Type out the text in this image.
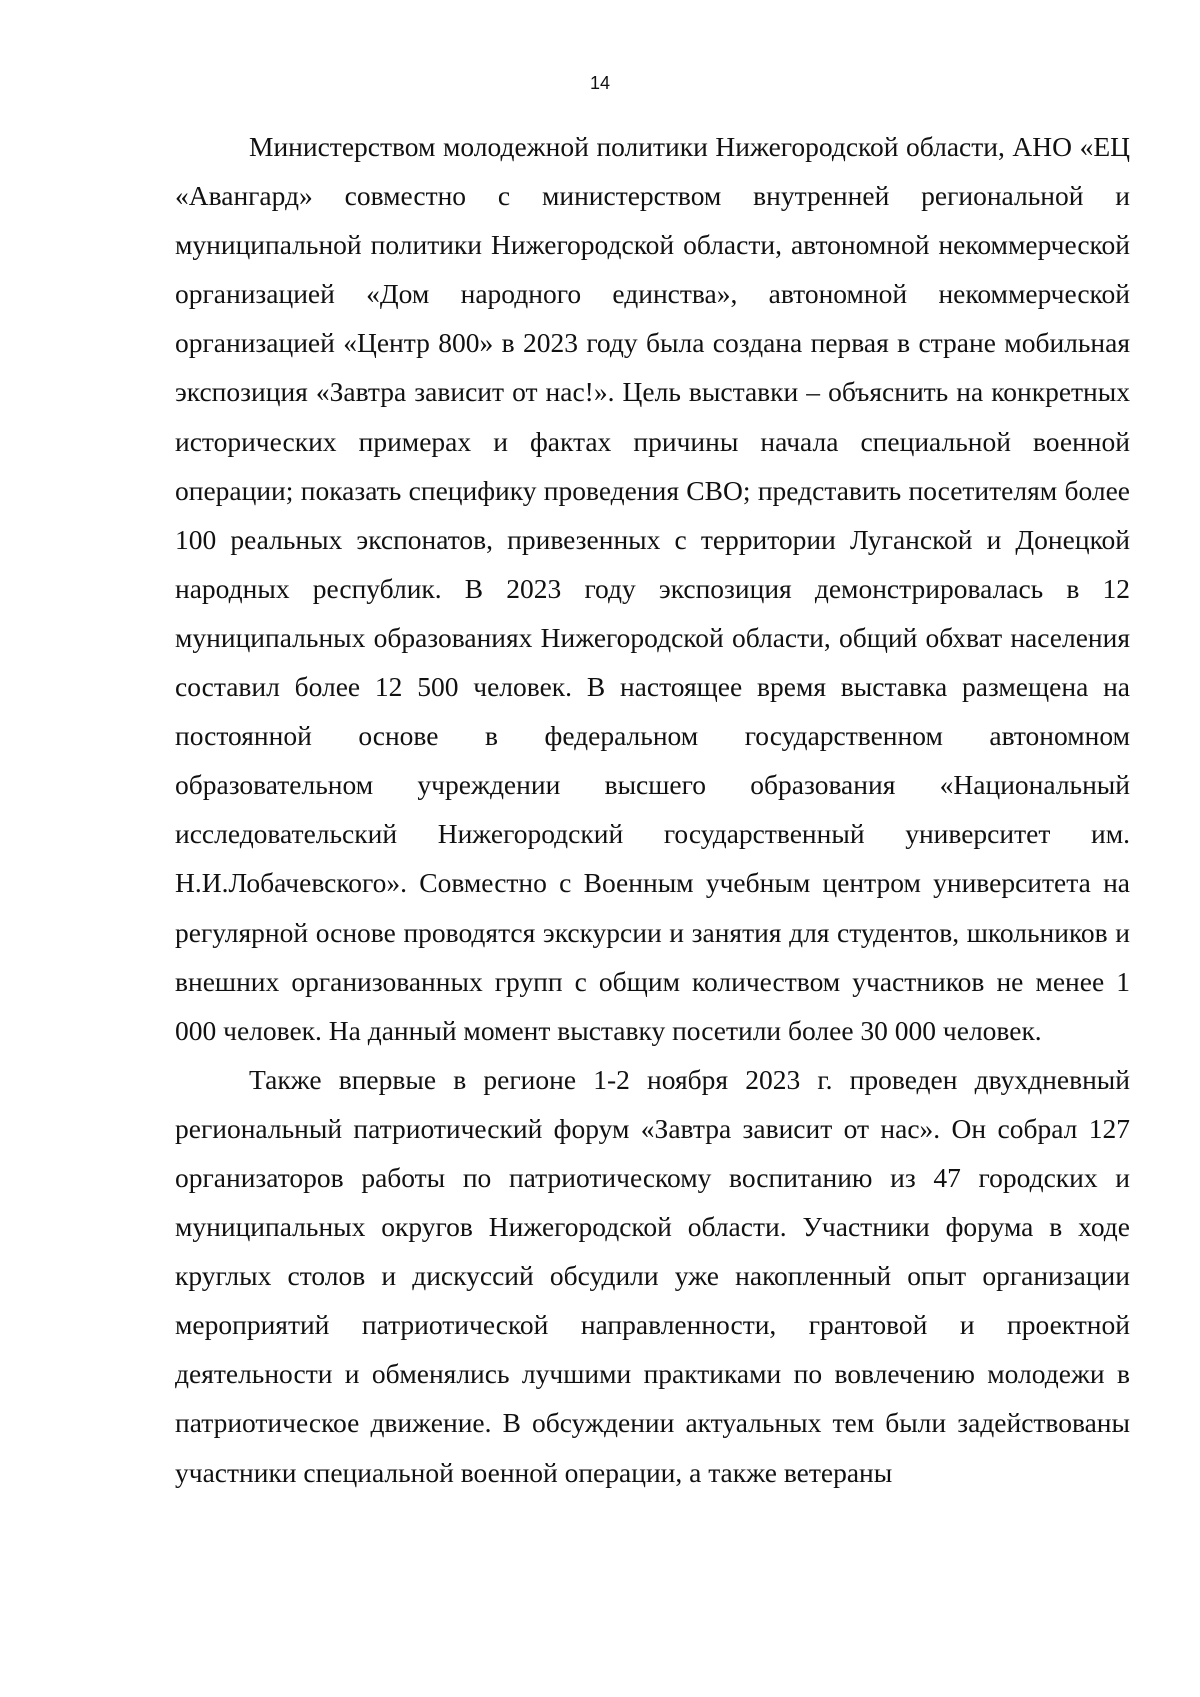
14

Министерством молодежной политики Нижегородской области, АНО «ЕЦ «Авангард» совместно с министерством внутренней региональной и муниципальной политики Нижегородской области, автономной некоммерческой организацией «Дом народного единства», автономной некоммерческой организацией «Центр 800» в 2023 году была создана первая в стране мобильная экспозиция «Завтра зависит от нас!». Цель выставки – объяснить на конкретных исторических примерах и фактах причины начала специальной военной операции; показать специфику проведения СВО; представить посетителям более 100 реальных экспонатов, привезенных с территории Луганской и Донецкой народных республик. В 2023 году экспозиция демонстрировалась в 12 муниципальных образованиях Нижегородской области, общий обхват населения составил более 12 500 человек. В настоящее время выставка размещена на постоянной основе в федеральном государственном автономном образовательном учреждении высшего образования «Национальный исследовательский Нижегородский государственный университет им. Н.И.Лобачевского». Совместно с Военным учебным центром университета на регулярной основе проводятся экскурсии и занятия для студентов, школьников и внешних организованных групп с общим количеством участников не менее 1 000 человек. На данный момент выставку посетили более 30 000 человек.

Также впервые в регионе 1-2 ноября 2023 г. проведен двухдневный региональный патриотический форум «Завтра зависит от нас». Он собрал 127 организаторов работы по патриотическому воспитанию из 47 городских и муниципальных округов Нижегородской области. Участники форума в ходе круглых столов и дискуссий обсудили уже накопленный опыт организации мероприятий патриотической направленности, грантовой и проектной деятельности и обменялись лучшими практиками по вовлечению молодежи в патриотическое движение. В обсуждении актуальных тем были задействованы участники специальной военной операции, а также ветераны
